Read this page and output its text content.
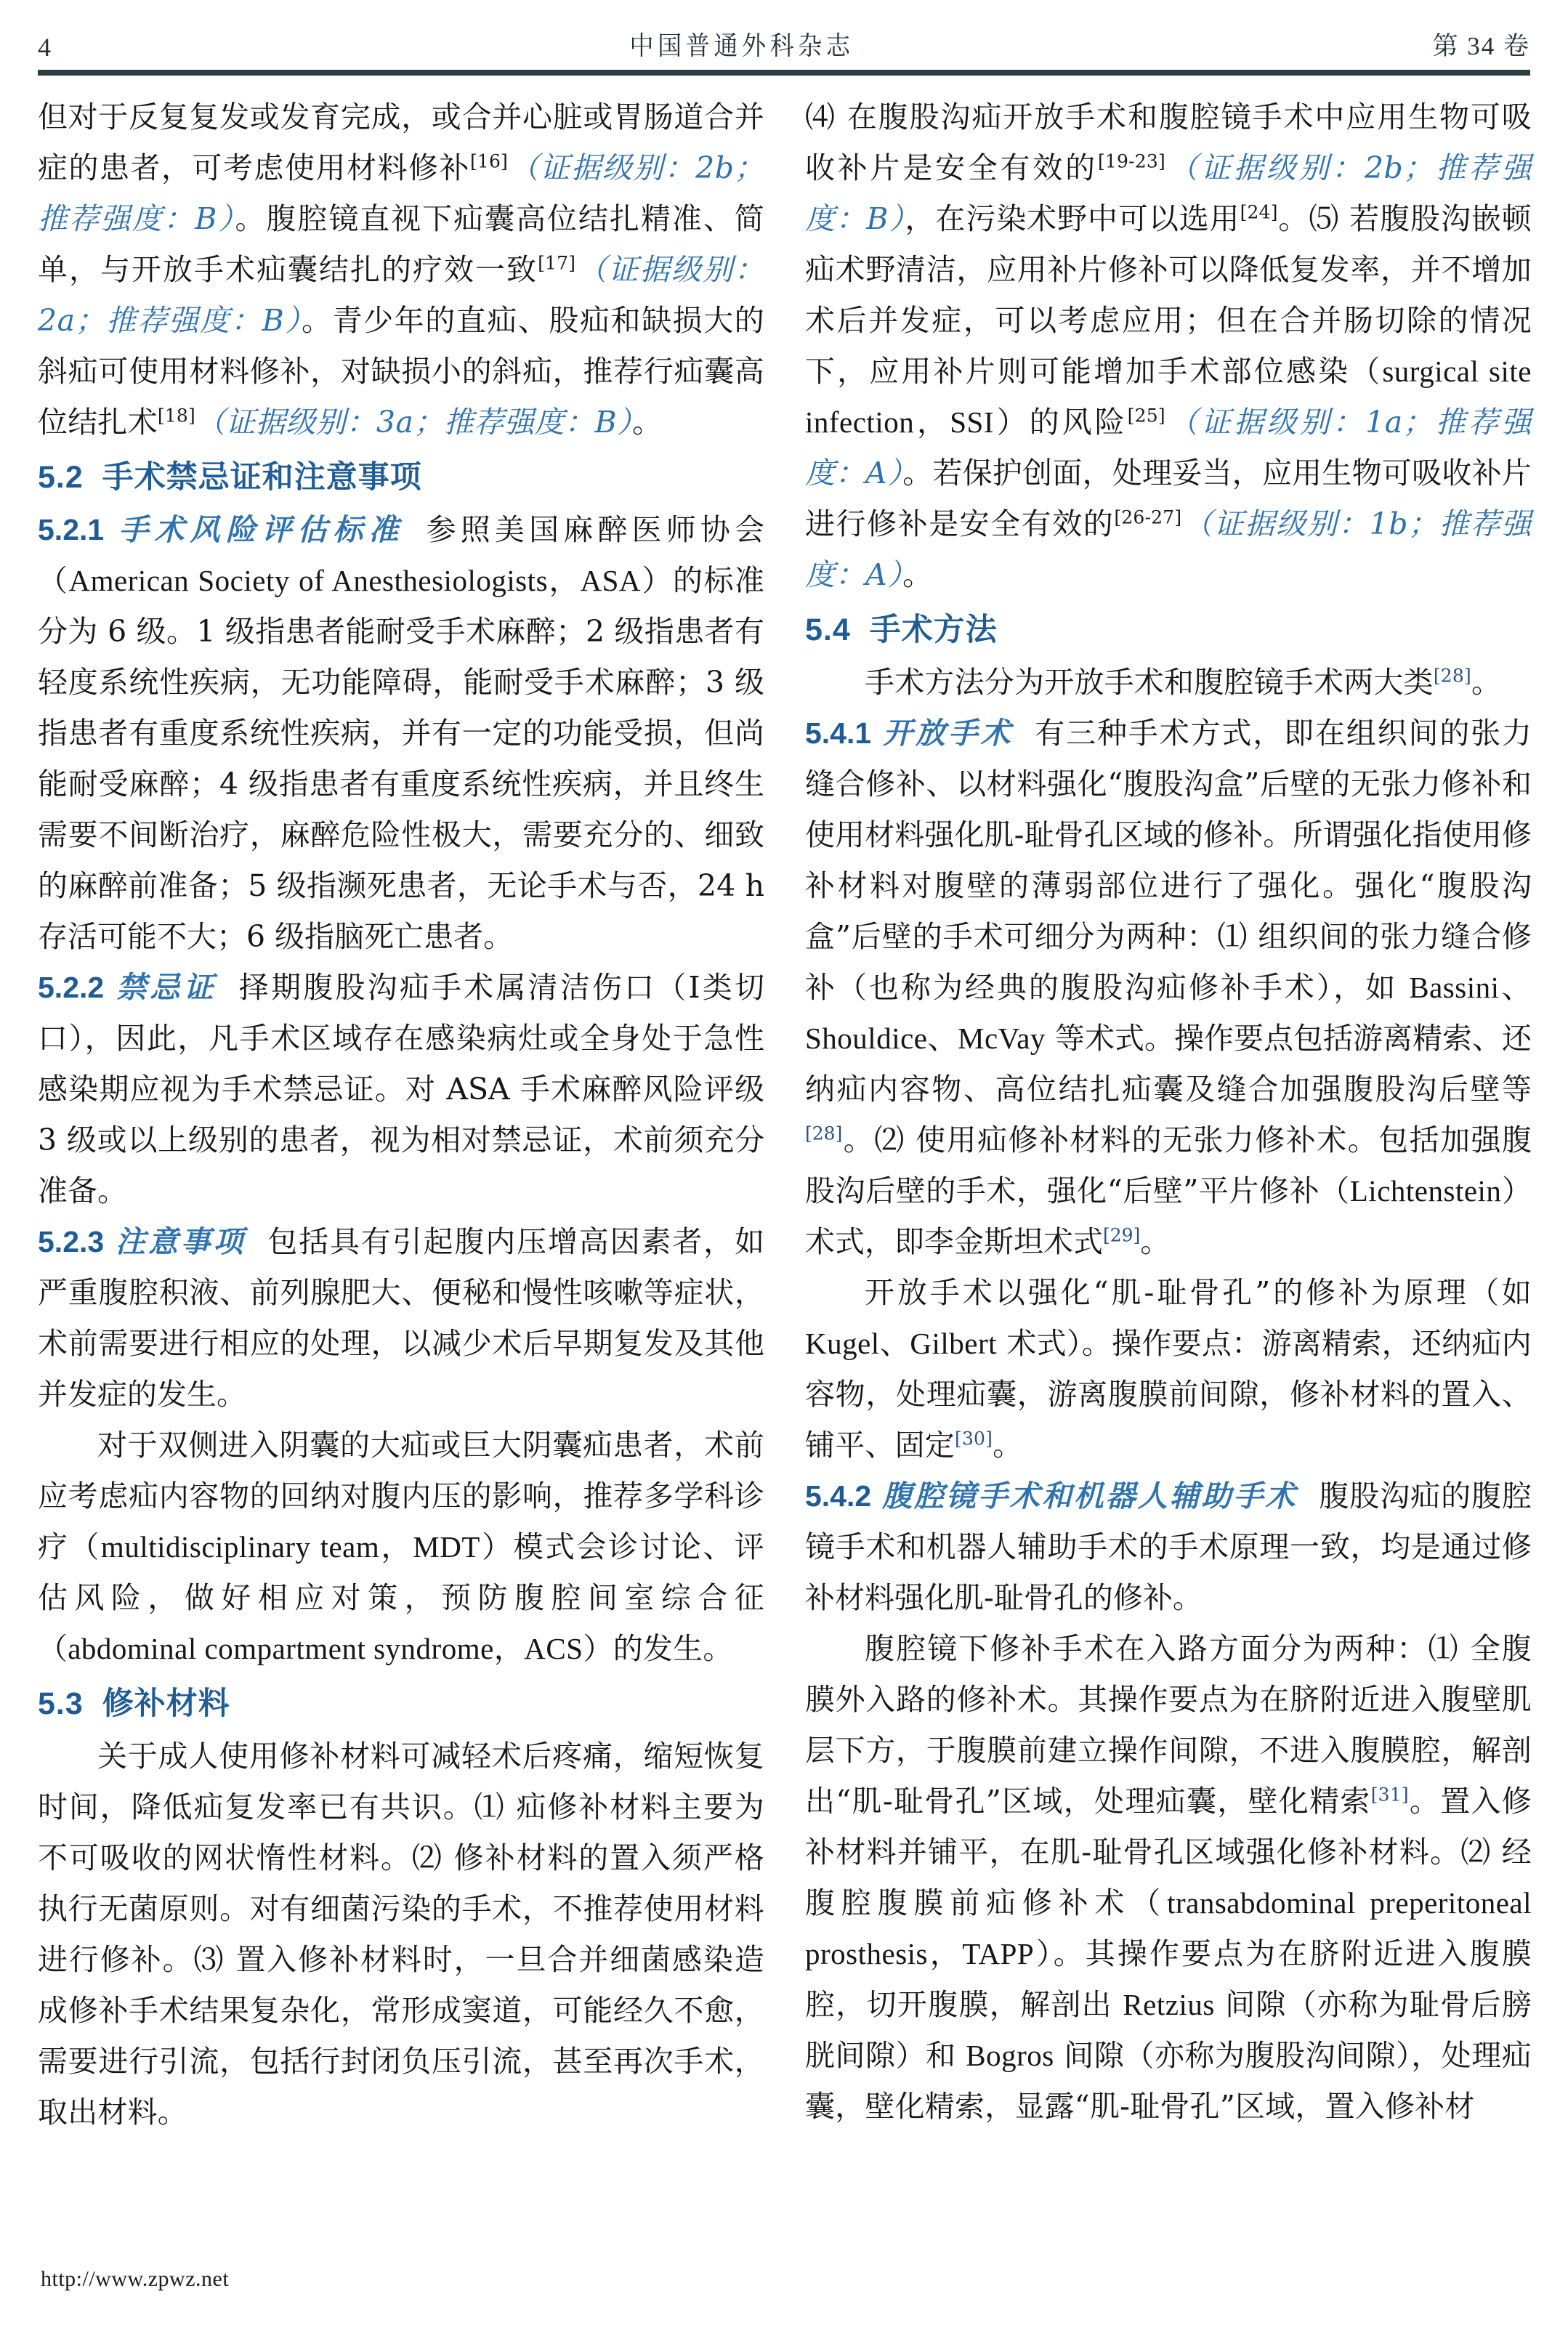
4	中国普通外科杂志	第 34 卷

但对于反复复发或发育完成，或合并心脏或胃肠道合并症的患者，可考虑使用材料修补[16]（证据级别：2b；推荐强度：B）。腹腔镜直视下疝囊高位结扎精准、简单，与开放手术疝囊结扎的疗效一致[17]（证据级别：2a；推荐强度：B）。青少年的直疝、股疝和缺损大的斜疝可使用材料修补，对缺损小的斜疝，推荐行疝囊高位结扎术[18]（证据级别：3a；推荐强度：B）。

5.2 手术禁忌证和注意事项
5.2.1 手术风险评估标准 参照美国麻醉医师协会（American Society of Anesthesiologists，ASA）的标准分为 6 级。1 级指患者能耐受手术麻醉；2 级指患者有轻度系统性疾病，无功能障碍，能耐受手术麻醉；3 级指患者有重度系统性疾病，并有一定的功能受损，但尚能耐受麻醉；4 级指患者有重度系统性疾病，并且终生需要不间断治疗，麻醉危险性极大，需要充分的、细致的麻醉前准备；5 级指濒死患者，无论手术与否，24 h 存活可能不大；6 级指脑死亡患者。
5.2.2 禁忌证 择期腹股沟疝手术属清洁伤口（Ⅰ类切口），因此，凡手术区域存在感染病灶或全身处于急性感染期应视为手术禁忌证。对 ASA 手术麻醉风险评级 3 级或以上级别的患者，视为相对禁忌证，术前须充分准备。
5.2.3 注意事项 包括具有引起腹内压增高因素者，如严重腹腔积液、前列腺肥大、便秘和慢性咳嗽等症状，术前需要进行相应的处理，以减少术后早期复发及其他并发症的发生。

对于双侧进入阴囊的大疝或巨大阴囊疝患者，术前应考虑疝内容物的回纳对腹内压的影响，推荐多学科诊疗（multidisciplinary team，MDT）模式会诊讨论、评估风险，做好相应对策，预防腹腔间室综合征（abdominal compartment syndrome，ACS）的发生。

5.3 修补材料

关于成人使用修补材料可减轻术后疼痛，缩短恢复时间，降低疝复发率已有共识。⑴ 疝修补材料主要为不可吸收的网状惰性材料。⑵ 修补材料的置入须严格执行无菌原则。对有细菌污染的手术，不推荐使用材料进行修补。⑶ 置入修补材料时，一旦合并细菌感染造成修补手术结果复杂化，常形成窦道，可能经久不愈，需要进行引流，包括行封闭负压引流，甚至再次手术，取出材料。

⑷ 在腹股沟疝开放手术和腹腔镜手术中应用生物可吸收补片是安全有效的[19-23]（证据级别：2b；推荐强度：B），在污染术野中可以选用[24]。⑸ 若腹股沟嵌顿疝术野清洁，应用补片修补可以降低复发率，并不增加术后并发症，可以考虑应用；但在合并肠切除的情况下，应用补片则可能增加手术部位感染（surgical site infection，SSI）的风险[25]（证据级别：1a；推荐强度：A）。若保护创面，处理妥当，应用生物可吸收补片进行修补是安全有效的[26-27]（证据级别：1b；推荐强度：A）。

5.4 手术方法

手术方法分为开放手术和腹腔镜手术两大类[28]。

5.4.1 开放手术 有三种手术方式，即在组织间的张力缝合修补、以材料强化“腹股沟盒”后壁的无张力修补和使用材料强化肌-耻骨孔区域的修补。所谓强化指使用修补材料对腹壁的薄弱部位进行了强化。强化“腹股沟盒”后壁的手术可细分为两种：⑴ 组织间的张力缝合修补（也称为经典的腹股沟疝修补手术），如 Bassini、Shouldice、McVay 等术式。操作要点包括游离精索、还纳疝内容物、高位结扎疝囊及缝合加强腹股沟后壁等[28]。⑵ 使用疝修补材料的无张力修补术。包括加强腹股沟后壁的手术，强化“后壁”平片修补（Lichtenstein）术式，即李金斯坦术式[29]。

开放手术以强化“肌-耻骨孔”的修补为原理（如 Kugel、Gilbert 术式）。操作要点：游离精索，还纳疝内容物，处理疝囊，游离腹膜前间隙，修补材料的置入、铺平、固定[30]。

5.4.2 腹腔镜手术和机器人辅助手术 腹股沟疝的腹腔镜手术和机器人辅助手术的手术原理一致，均是通过修补材料强化肌-耻骨孔的修补。

腹腔镜下修补手术在入路方面分为两种：⑴ 全腹膜外入路的修补术。其操作要点为在脐附近进入腹壁肌层下方，于腹膜前建立操作间隙，不进入腹膜腔，解剖出“肌-耻骨孔”区域，处理疝囊，壁化精索[31]。置入修补材料并铺平，在肌-耻骨孔区域强化修补材料。⑵ 经腹腔腹膜前疝修补术（transabdominal preperitoneal prosthesis，TAPP）。其操作要点为在脐附近进入腹膜腔，切开腹膜，解剖出 Retzius 间隙（亦称为耻骨后膀胱间隙）和 Bogros 间隙（亦称为腹股沟间隙），处理疝囊，壁化精索，显露“肌-耻骨孔”区域，置入修补材

http://www.zpwz.net
